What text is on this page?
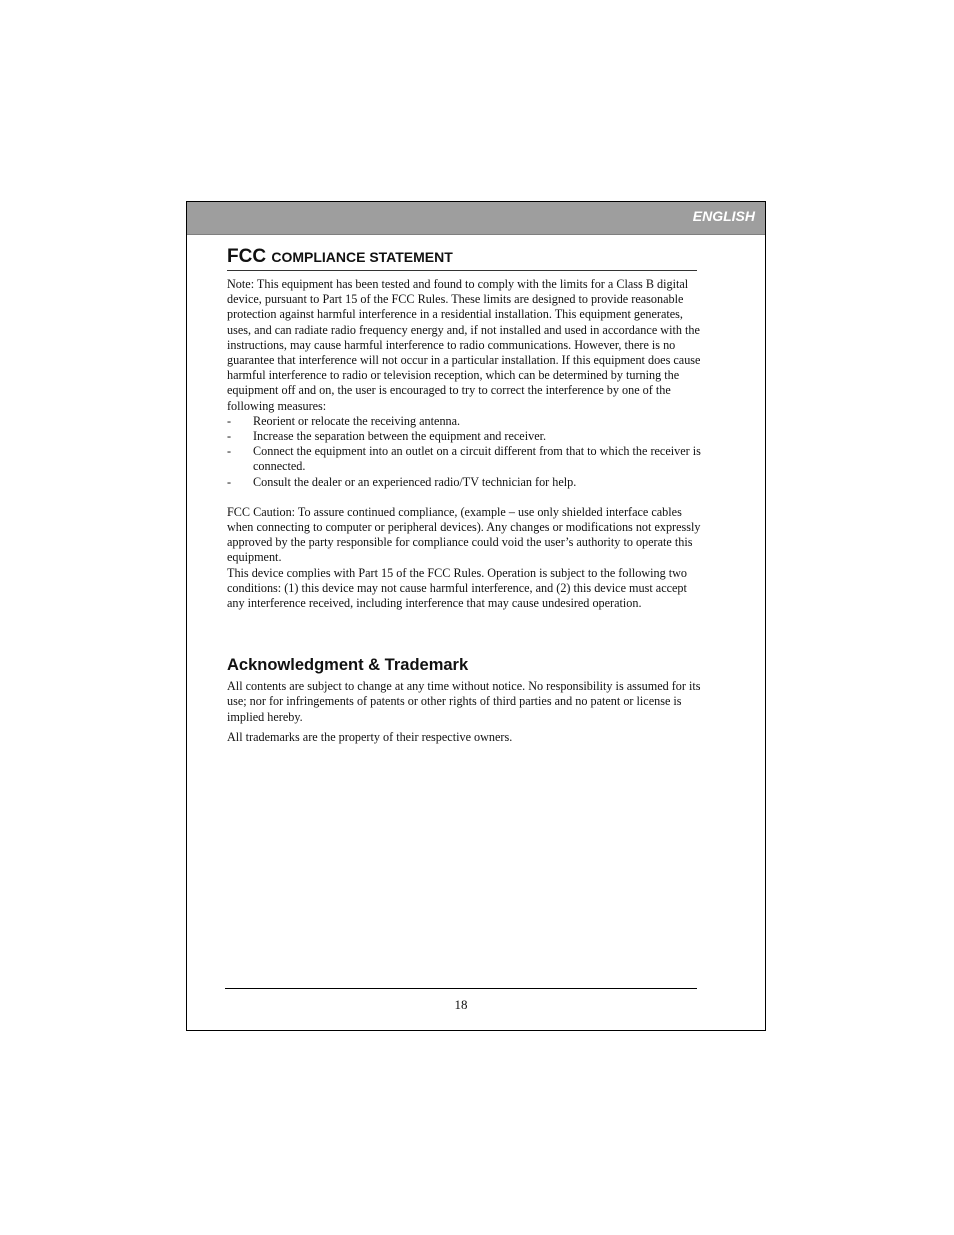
ENGLISH
FCC COMPLIANCE STATEMENT

Note: This equipment has been tested and found to comply with the limits for a Class B digital device, pursuant to Part 15 of the FCC Rules. These limits are designed to provide reasonable protection against harmful interference in a residential installation. This equipment generates, uses, and can radiate radio frequency energy and, if not installed and used in accordance with the instructions, may cause harmful interference to radio communications. However, there is no guarantee that interference will not occur in a particular installation. If this equipment does cause harmful interference to radio or television reception, which can be determined by turning the equipment off and on, the user is encouraged to try to correct the interference by one of the following measures:

- Reorient or relocate the receiving antenna.
- Increase the separation between the equipment and receiver.
- Connect the equipment into an outlet on a circuit different from that to which the receiver is connected.
- Consult the dealer or an experienced radio/TV technician for help.

FCC Caution: To assure continued compliance, (example – use only shielded interface cables when connecting to computer or peripheral devices). Any changes or modifications not expressly approved by the party responsible for compliance could void the user’s authority to operate this equipment.

This device complies with Part 15 of the FCC Rules. Operation is subject to the following two conditions: (1) this device may not cause harmful interference, and (2) this device must accept any interference received, including interference that may cause undesired operation.

Acknowledgment & Trademark

All contents are subject to change at any time without notice. No responsibility is assumed for its use; nor for infringements of patents or other rights of third parties and no patent or license is implied hereby.

All trademarks are the property of their respective owners.

18
